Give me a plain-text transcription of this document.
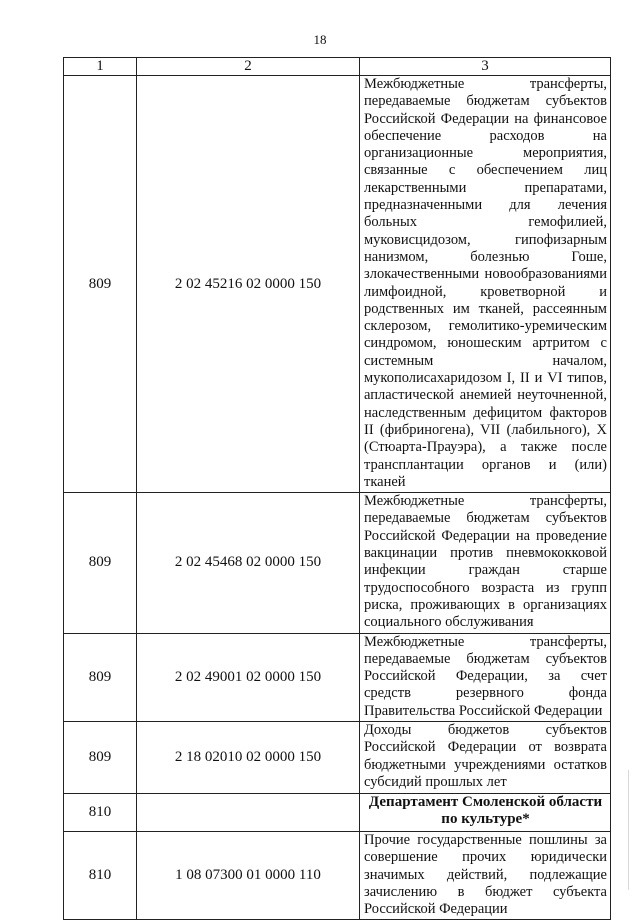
18
1	2	3
809	2 02 45216 02 0000 150	Межбюджетные трансферты, передаваемые бюджетам субъектов Российской Федерации на финансовое обеспечение расходов на организационные мероприятия, связанные с обеспечением лиц лекарственными препаратами, предназначенными для лечения больных гемофилией, муковисцидозом, гипофизарным нанизмом, болезнью Гоше, злокачественными новообразованиями лимфоидной, кроветворной и родственных им тканей, рассеянным склерозом, гемолитико-уремическим синдромом, юношеским артритом с системным началом, мукополисахаридозом I, II и VI типов, апластической анемией неуточненной, наследственным дефицитом факторов II (фибриногена), VII (лабильного), X (Стюарта-Прауэра), а также после трансплантации органов и (или) тканей
809	2 02 45468 02 0000 150	Межбюджетные трансферты, передаваемые бюджетам субъектов Российской Федерации на проведение вакцинации против пневмококковой инфекции граждан старше трудоспособного возраста из групп риска, проживающих в организациях социального обслуживания
809	2 02 49001 02 0000 150	Межбюджетные трансферты, передаваемые бюджетам субъектов Российской Федерации, за счет средств резервного фонда Правительства Российской Федерации
809	2 18 02010 02 0000 150	Доходы бюджетов субъектов Российской Федерации от возврата бюджетными учреждениями остатков субсидий прошлых лет
810		Департамент Смоленской области по культуре*
810	1 08 07300 01 0000 110	Прочие государственные пошлины за совершение прочих юридически значимых действий, подлежащие зачислению в бюджет субъекта Российской Федерации
